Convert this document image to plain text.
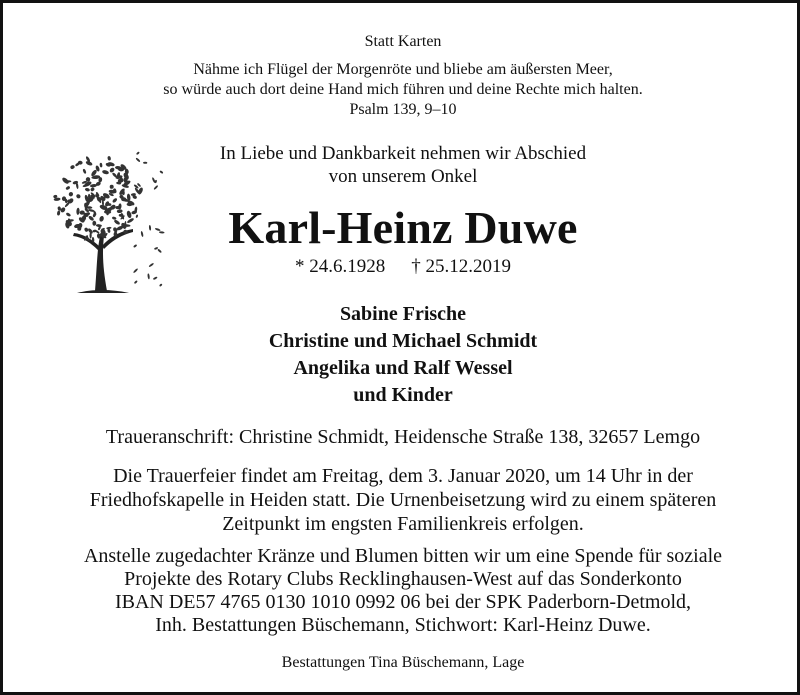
Statt Karten
Nähme ich Flügel der Morgenröte und bliebe am äußersten Meer,
so würde auch dort deine Hand mich führen und deine Rechte mich halten.
Psalm 139, 9–10
In Liebe und Dankbarkeit nehmen wir Abschied
von unserem Onkel
Karl-Heinz Duwe
* 24.6.1928 † 25.12.2019
Sabine Frische
Christine und Michael Schmidt
Angelika und Ralf Wessel
und Kinder
Traueranschrift: Christine Schmidt, Heidensche Straße 138, 32657 Lemgo
Die Trauerfeier findet am Freitag, dem 3. Januar 2020, um 14 Uhr in der
Friedhofskapelle in Heiden statt. Die Urnenbeisetzung wird zu einem späteren
Zeitpunkt im engsten Familienkreis erfolgen.
Anstelle zugedachter Kränze und Blumen bitten wir um eine Spende für soziale
Projekte des Rotary Clubs Recklinghausen-West auf das Sonderkonto
IBAN DE57 4765 0130 1010 0992 06 bei der SPK Paderborn-Detmold,
Inh. Bestattungen Büschemann, Stichwort: Karl-Heinz Duwe.
Bestattungen Tina Büschemann, Lage
